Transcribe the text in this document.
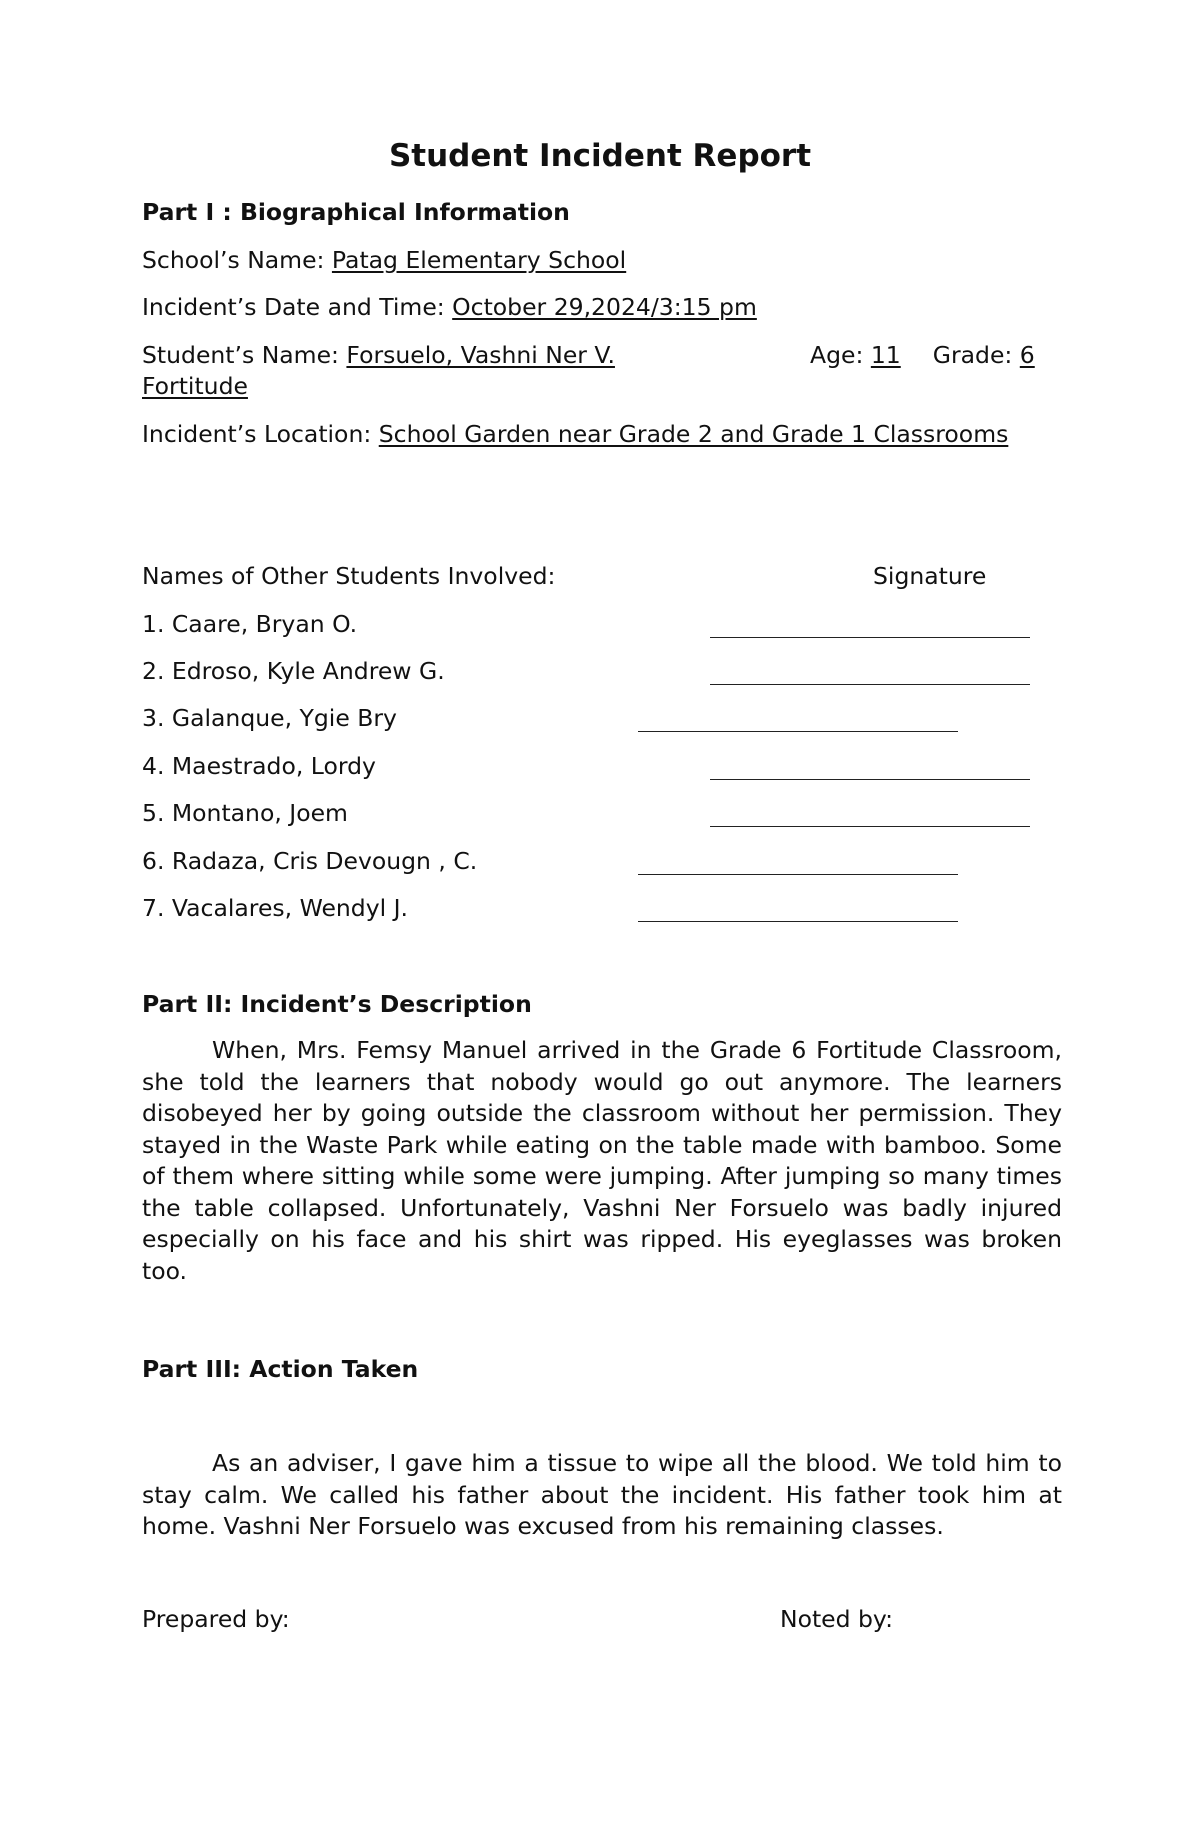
Student Incident Report
Part I : Biographical Information
School’s Name: Patag Elementary School
Incident’s Date and Time: October 29,2024/3:15 pm
Student’s Name: Forsuelo, Vashni Ner V.	Age: 11 Grade: 6
Fortitude
Incident’s Location: School Garden near Grade 2 and Grade 1 Classrooms
Names of Other Students Involved:	Signature
1. Caare, Bryan O.
2. Edroso, Kyle Andrew G.
3. Galanque, Ygie Bry
4. Maestrado, Lordy
5. Montano, Joem
6. Radaza, Cris Devougn , C.
7. Vacalares, Wendyl J.
Part II: Incident’s Description

When, Mrs. Femsy Manuel arrived in the Grade 6 Fortitude Classroom, she told the learners that nobody would go out anymore. The learners disobeyed her by going outside the classroom without her permission. They stayed in the Waste Park while eating on the table made with bamboo. Some of them where sitting while some were jumping. After jumping so many times the table collapsed. Unfortunately, Vashni Ner Forsuelo was badly injured especially on his face and his shirt was ripped. His eyeglasses was broken too.

Part III: Action Taken

As an adviser, I gave him a tissue to wipe all the blood. We told him to stay calm. We called his father about the incident. His father took him at home. Vashni Ner Forsuelo was excused from his remaining classes.

Prepared by:	Noted by:
